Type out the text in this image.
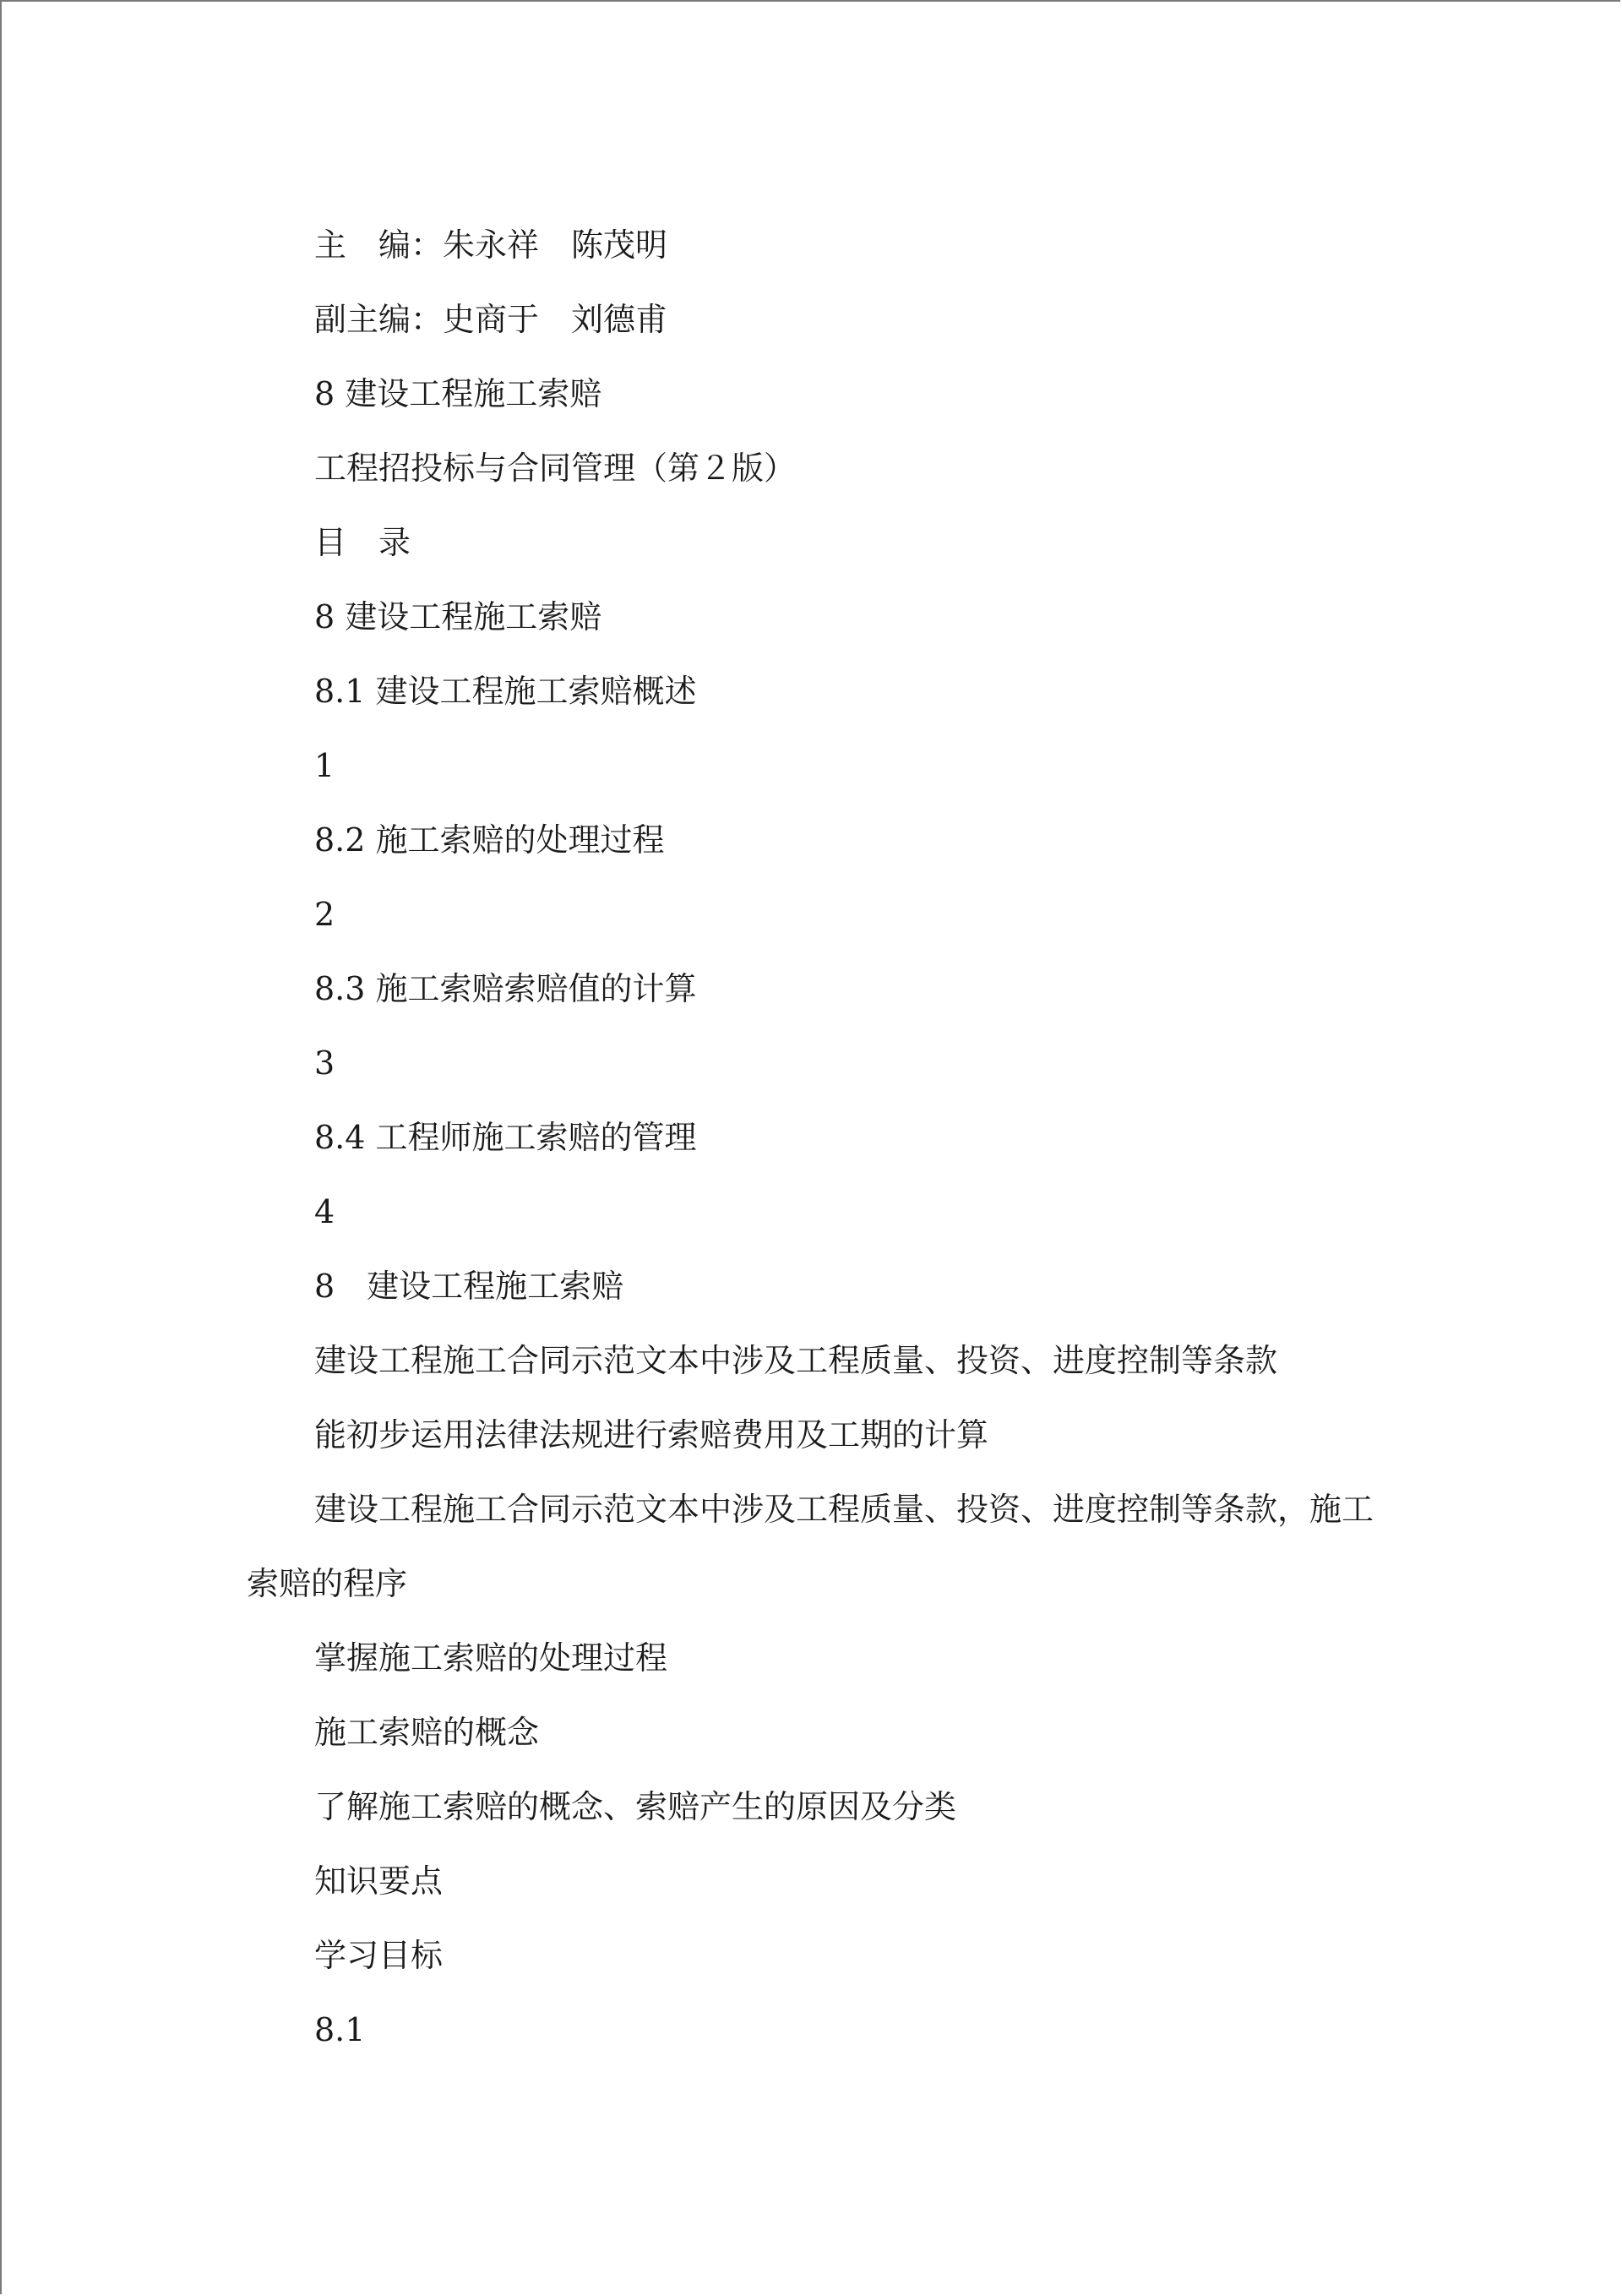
主　编：朱永祥　陈茂明

副主编：史商于　刘德甫

8 建设工程施工索赔

工程招投标与合同管理（第２版）

目　录

8 建设工程施工索赔

8.1 建设工程施工索赔概述

1

8.2 施工索赔的处理过程

2

8.3 施工索赔索赔值的计算

3

8.4 工程师施工索赔的管理

4

8　建设工程施工索赔

建设工程施工合同示范文本中涉及工程质量、投资、进度控制等条款

能初步运用法律法规进行索赔费用及工期的计算

建设工程施工合同示范文本中涉及工程质量、投资、进度控制等条款，施工索赔的程序

掌握施工索赔的处理过程

施工索赔的概念

了解施工索赔的概念、索赔产生的原因及分类

知识要点

学习目标

8.1
